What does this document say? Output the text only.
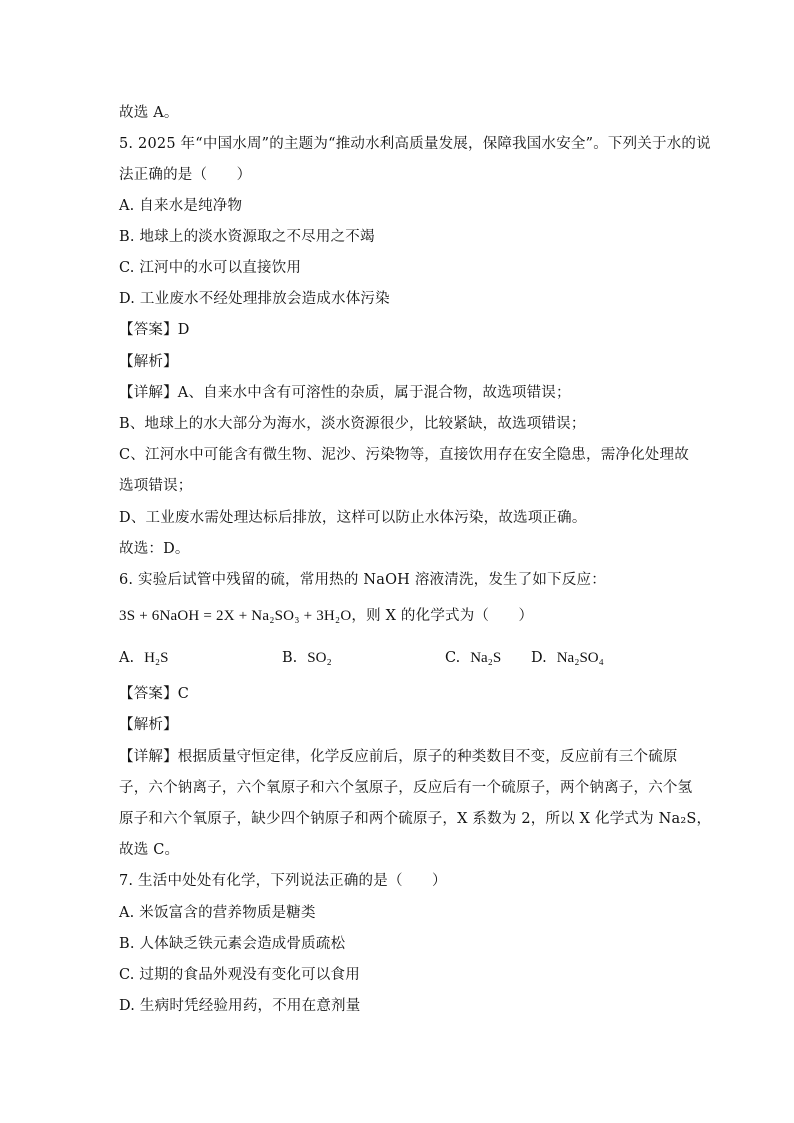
故选 A。
5. 2025 年“中国水周”的主题为“推动水利高质量发展，保障我国水安全”。下列关于水的说
法正确的是（　　）
A. 自来水是纯净物
B. 地球上的淡水资源取之不尽用之不竭
C. 江河中的水可以直接饮用
D. 工业废水不经处理排放会造成水体污染
【答案】D
【解析】
【详解】A、自来水中含有可溶性的杂质，属于混合物，故选项错误；
B、地球上的水大部分为海水，淡水资源很少，比较紧缺，故选项错误；
C、江河水中可能含有微生物、泥沙、污染物等，直接饮用存在安全隐患，需净化处理故
选项错误；
D、工业废水需处理达标后排放，这样可以防止水体污染，故选项正确。
故选：D。
6. 实验后试管中残留的硫，常用热的 NaOH 溶液清洗，发生了如下反应：
3S + 6NaOH = 2X + Na₂SO₃ + 3H₂O，则 X 的化学式为（　　）
A. H₂S	B. SO₂	C. Na₂S D. Na₂SO₄
【答案】C
【解析】
【详解】根据质量守恒定律，化学反应前后，原子的种类数目不变，反应前有三个硫原
子，六个钠离子，六个氧原子和六个氢原子，反应后有一个硫原子，两个钠离子，六个氢
原子和六个氧原子，缺少四个钠原子和两个硫原子，X 系数为 2，所以 X 化学式为 Na₂S，
故选 C。
7. 生活中处处有化学，下列说法正确的是（　　）
A. 米饭富含的营养物质是糖类
B. 人体缺乏铁元素会造成骨质疏松
C. 过期的食品外观没有变化可以食用
D. 生病时凭经验用药，不用在意剂量
